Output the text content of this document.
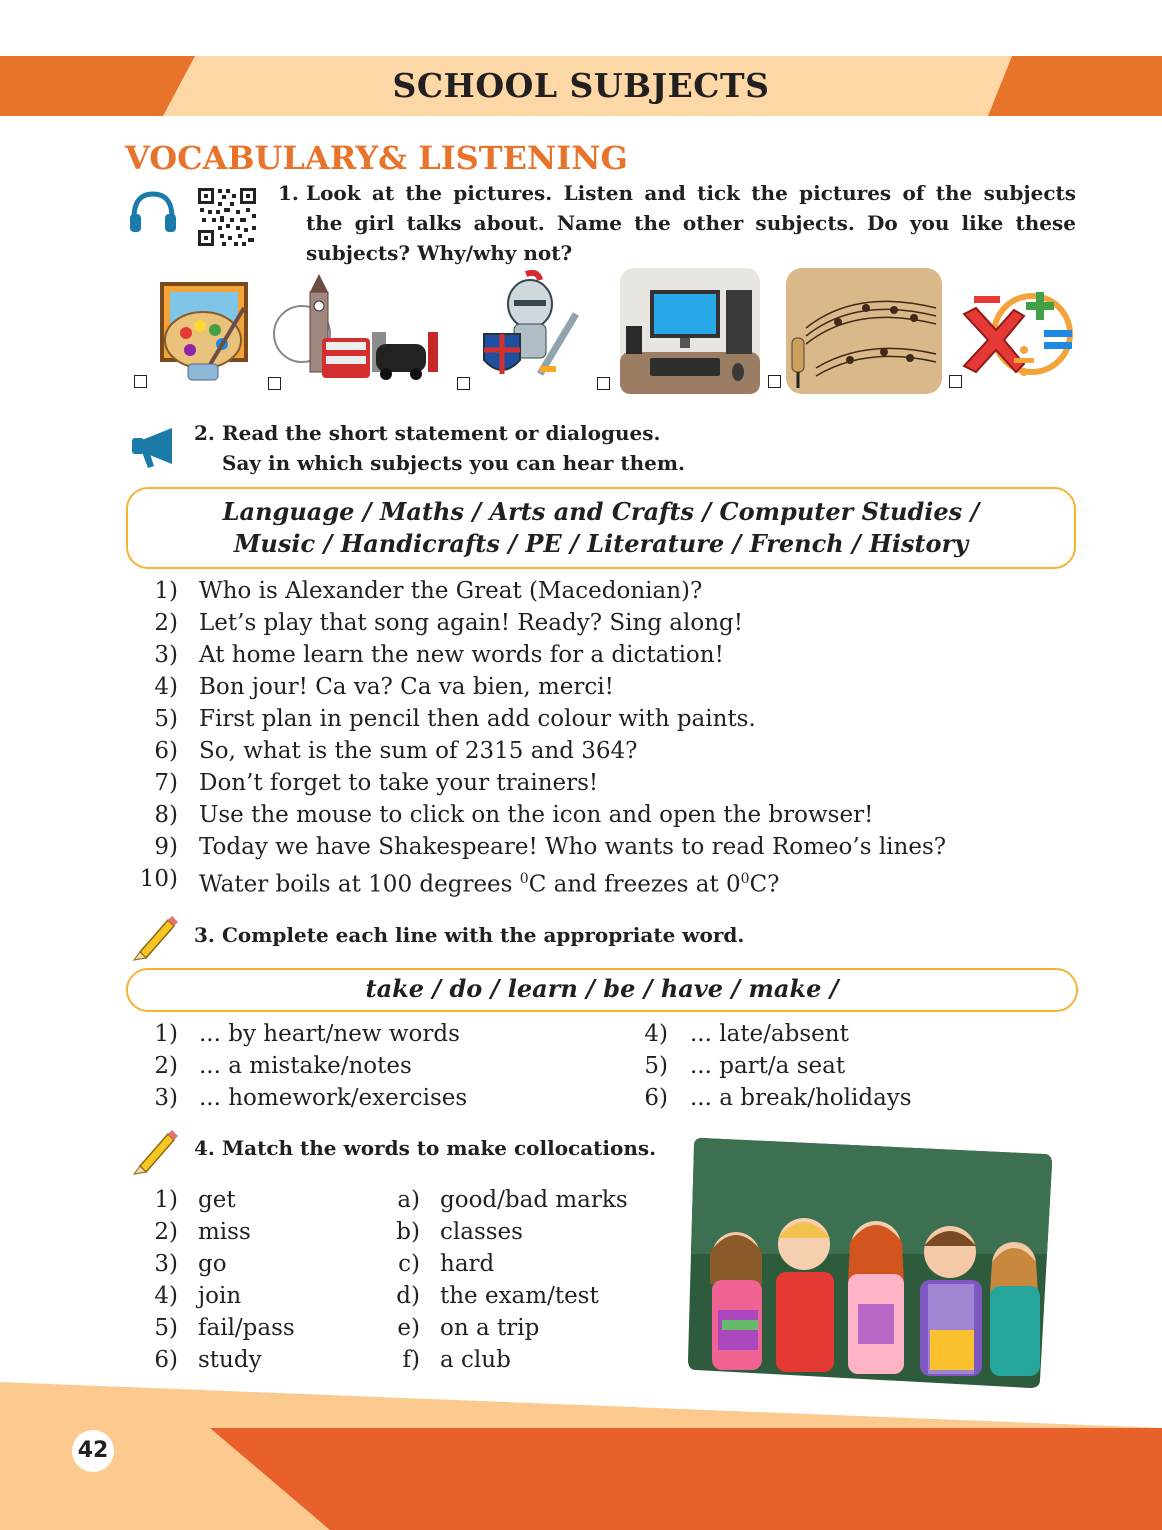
SCHOOL SUBJECTS
VOCABULARY& LISTENING
1. Look at the pictures. Listen and tick the pictures of the subjects
the girl talks about. Name the other subjects. Do you like these
subjects? Why/why not?
2. Read the short statement or dialogues.
Say in which subjects you can hear them.
Language / Maths / Arts and Crafts / Computer Studies /
Music / Handicrafts / PE / Literature / French / History
1) Who is Alexander the Great (Macedonian)?
2) Let’s play that song again! Ready? Sing along!
3) At home learn the new words for a dictation!
4) Bon jour! Ca va? Ca va bien, merci!
5) First plan in pencil then add colour with paints.
6) So, what is the sum of 2315 and 364?
7) Don’t forget to take your trainers!
8) Use the mouse to click on the icon and open the browser!
9) Today we have Shakespeare! Who wants to read Romeo’s lines?
10) Water boils at 100 degrees $^0$C and freezes at $0^0C$?
3. Complete each line with the appropriate word.
take / do / learn / be / have / make /
1) ... by heart/new words
2) ... a mistake/notes
3) ... homework/exercises
4) ... late/absent
5) ... part/a seat
6) ... a break/holidays
4. Match the words to make collocations.
1) get
2) miss
3) go
4) join
5) fail/pass
6) study
a) good/bad marks
b) classes
c) hard
d) the exam/test
e) on a trip
f) a club
42
